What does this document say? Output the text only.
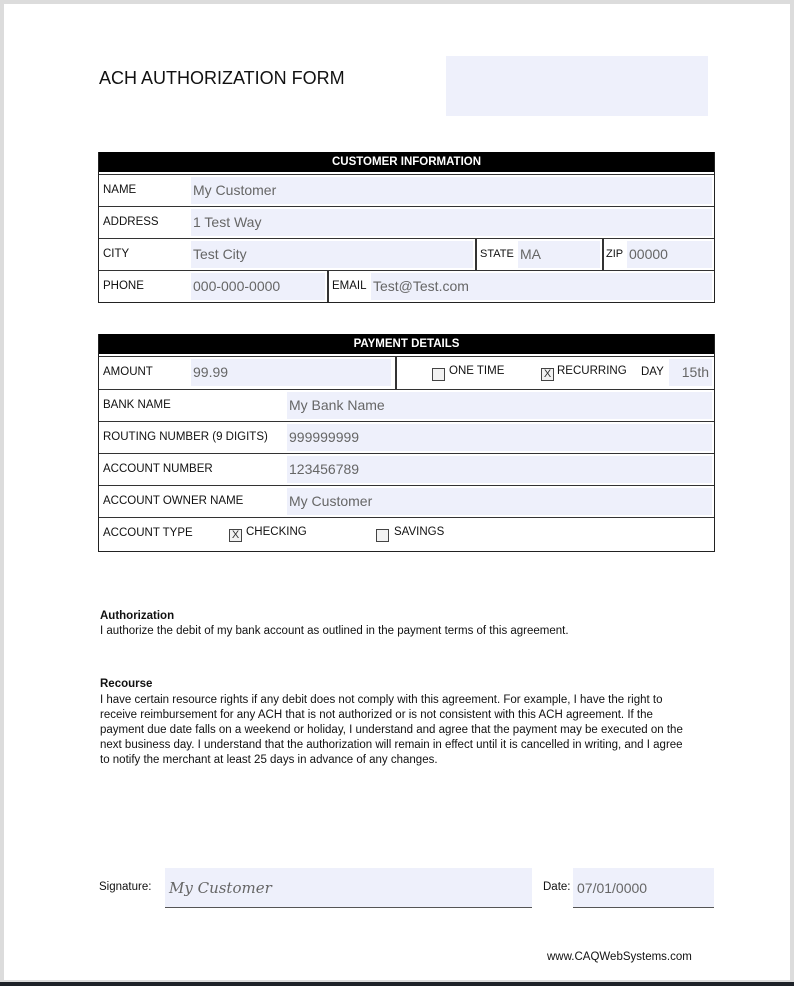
ACH AUTHORIZATION FORM
CUSTOMER INFORMATION
NAME	My Customer
ADDRESS 1 Test Way
CITY	Test City	STATE MA	ZIP 00000
PHONE	000-000-0000	EMAIL Test@Test.com
PAYMENT DETAILS
AMOUNT	99.99	ONE TIME	X RECURRING DAY	15th
BANK NAME	My Bank Name
ROUTING NUMBER (9 DIGITS) 999999999
ACCOUNT NUMBER	123456789
ACCOUNT OWNER NAME	My Customer
ACCOUNT TYPE	X CHECKING	SAVINGS
Authorization
I authorize the debit of my bank account as outlined in the payment terms of this agreement.
Recourse
I have certain resource rights if any debit does not comply with this agreement. For example, I have the right to
receive reimbursement for any ACH that is not authorized or is not consistent with this ACH agreement. If the
payment due date falls on a weekend or holiday, I understand and agree that the payment may be executed on the
next business day. I understand that the authorization will remain in effect until it is cancelled in writing, and I agree
to notify the merchant at least 25 days in advance of any changes.
Signature: My Customer	Date: 07/01/0000
www.CAQWebSystems.com
